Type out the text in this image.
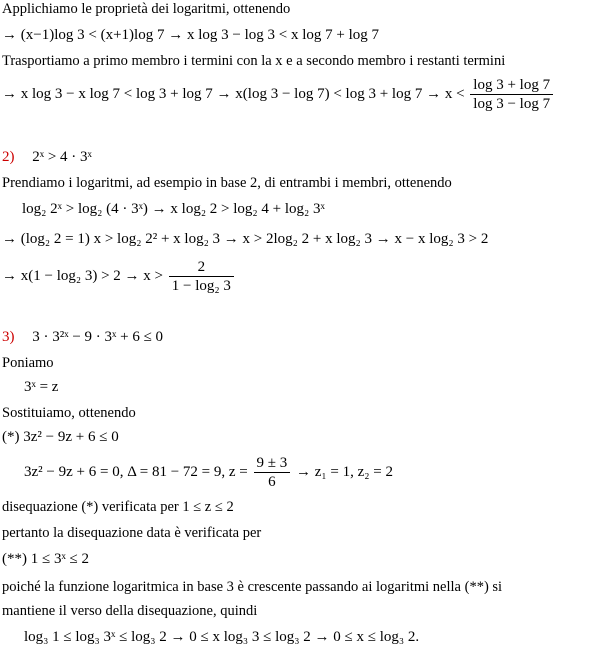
Applichiamo le proprietà dei logaritmi, ottenendo
→ (x−1)log 3 < (x+1)log 7 → x log 3 − log 3 < x log 7 + log 7
Trasportiamo a primo membro i termini con la x e a secondo membro i restanti termini
→ x log 3 − x log 7 < log 3 + log 7 → x(log $3 - \log 7) < \log 3 + \log 7 \to x < \frac{\log 3 + \log 7}{\log 3 - \log 7}$
2) 2ˣ > 4 · 3ˣ
Prendiamo i logaritmi, ad esempio in base 2, di entrambi i membri, ottenendo
log₂ 2ˣ > log₂ (4 · 3ˣ) → x log₂ 2 > log₂ 4 + log₂ 3ˣ
→ (log₂ 2 = 1) x > log₂ 2² + x log₂ 3 → x > 2log₂ 2 + x log₂ 3 → x − x log₂ 3 > 2
→ x(1 − log₂ $3) > 2 \to x > \frac{2}{\text{1 − log₂ 3}}$
3) 3 · 3²ˣ − 9 · 3ˣ + 6 ≤ 0
Poniamo
3ˣ = z
Sostituiamo, ottenendo
(*) 3z² − 9z + 6 ≤ 0
3z² − 9z + 6 = 0, Δ = 81 − 72 = 9, $z = \frac{9 \pm 3}{6} \to z_1 = 1$, z₂ = 2
disequazione (*) verificata per 1 ≤ z ≤ 2
pertanto la disequazione data è verificata per
(**) 1 ≤ 3ˣ ≤ 2
poiché la funzione logaritmica in base 3 è crescente passando ai logaritmi nella (**) si
mantiene il verso della disequazione, quindi
log₃ 1 ≤ log₃ 3ˣ ≤ log₃ 2 → 0 ≤ x log₃ 3 ≤ log₃ 2 → 0 ≤ x ≤ log₃ 2.
